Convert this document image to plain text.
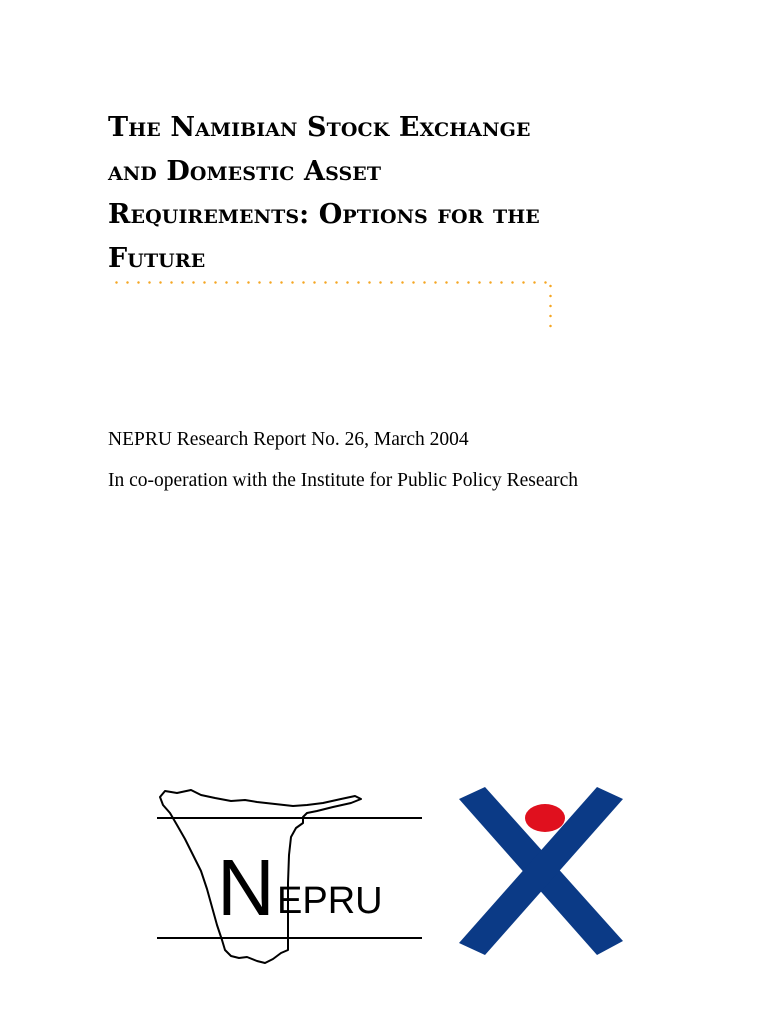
The Namibian Stock Exchange

and Domestic Asset

Requirements: Options for the

Future

NEPRU Research Report No. 26, March 2004
In co-operation with the Institute for Public Policy Research
N EPRU
